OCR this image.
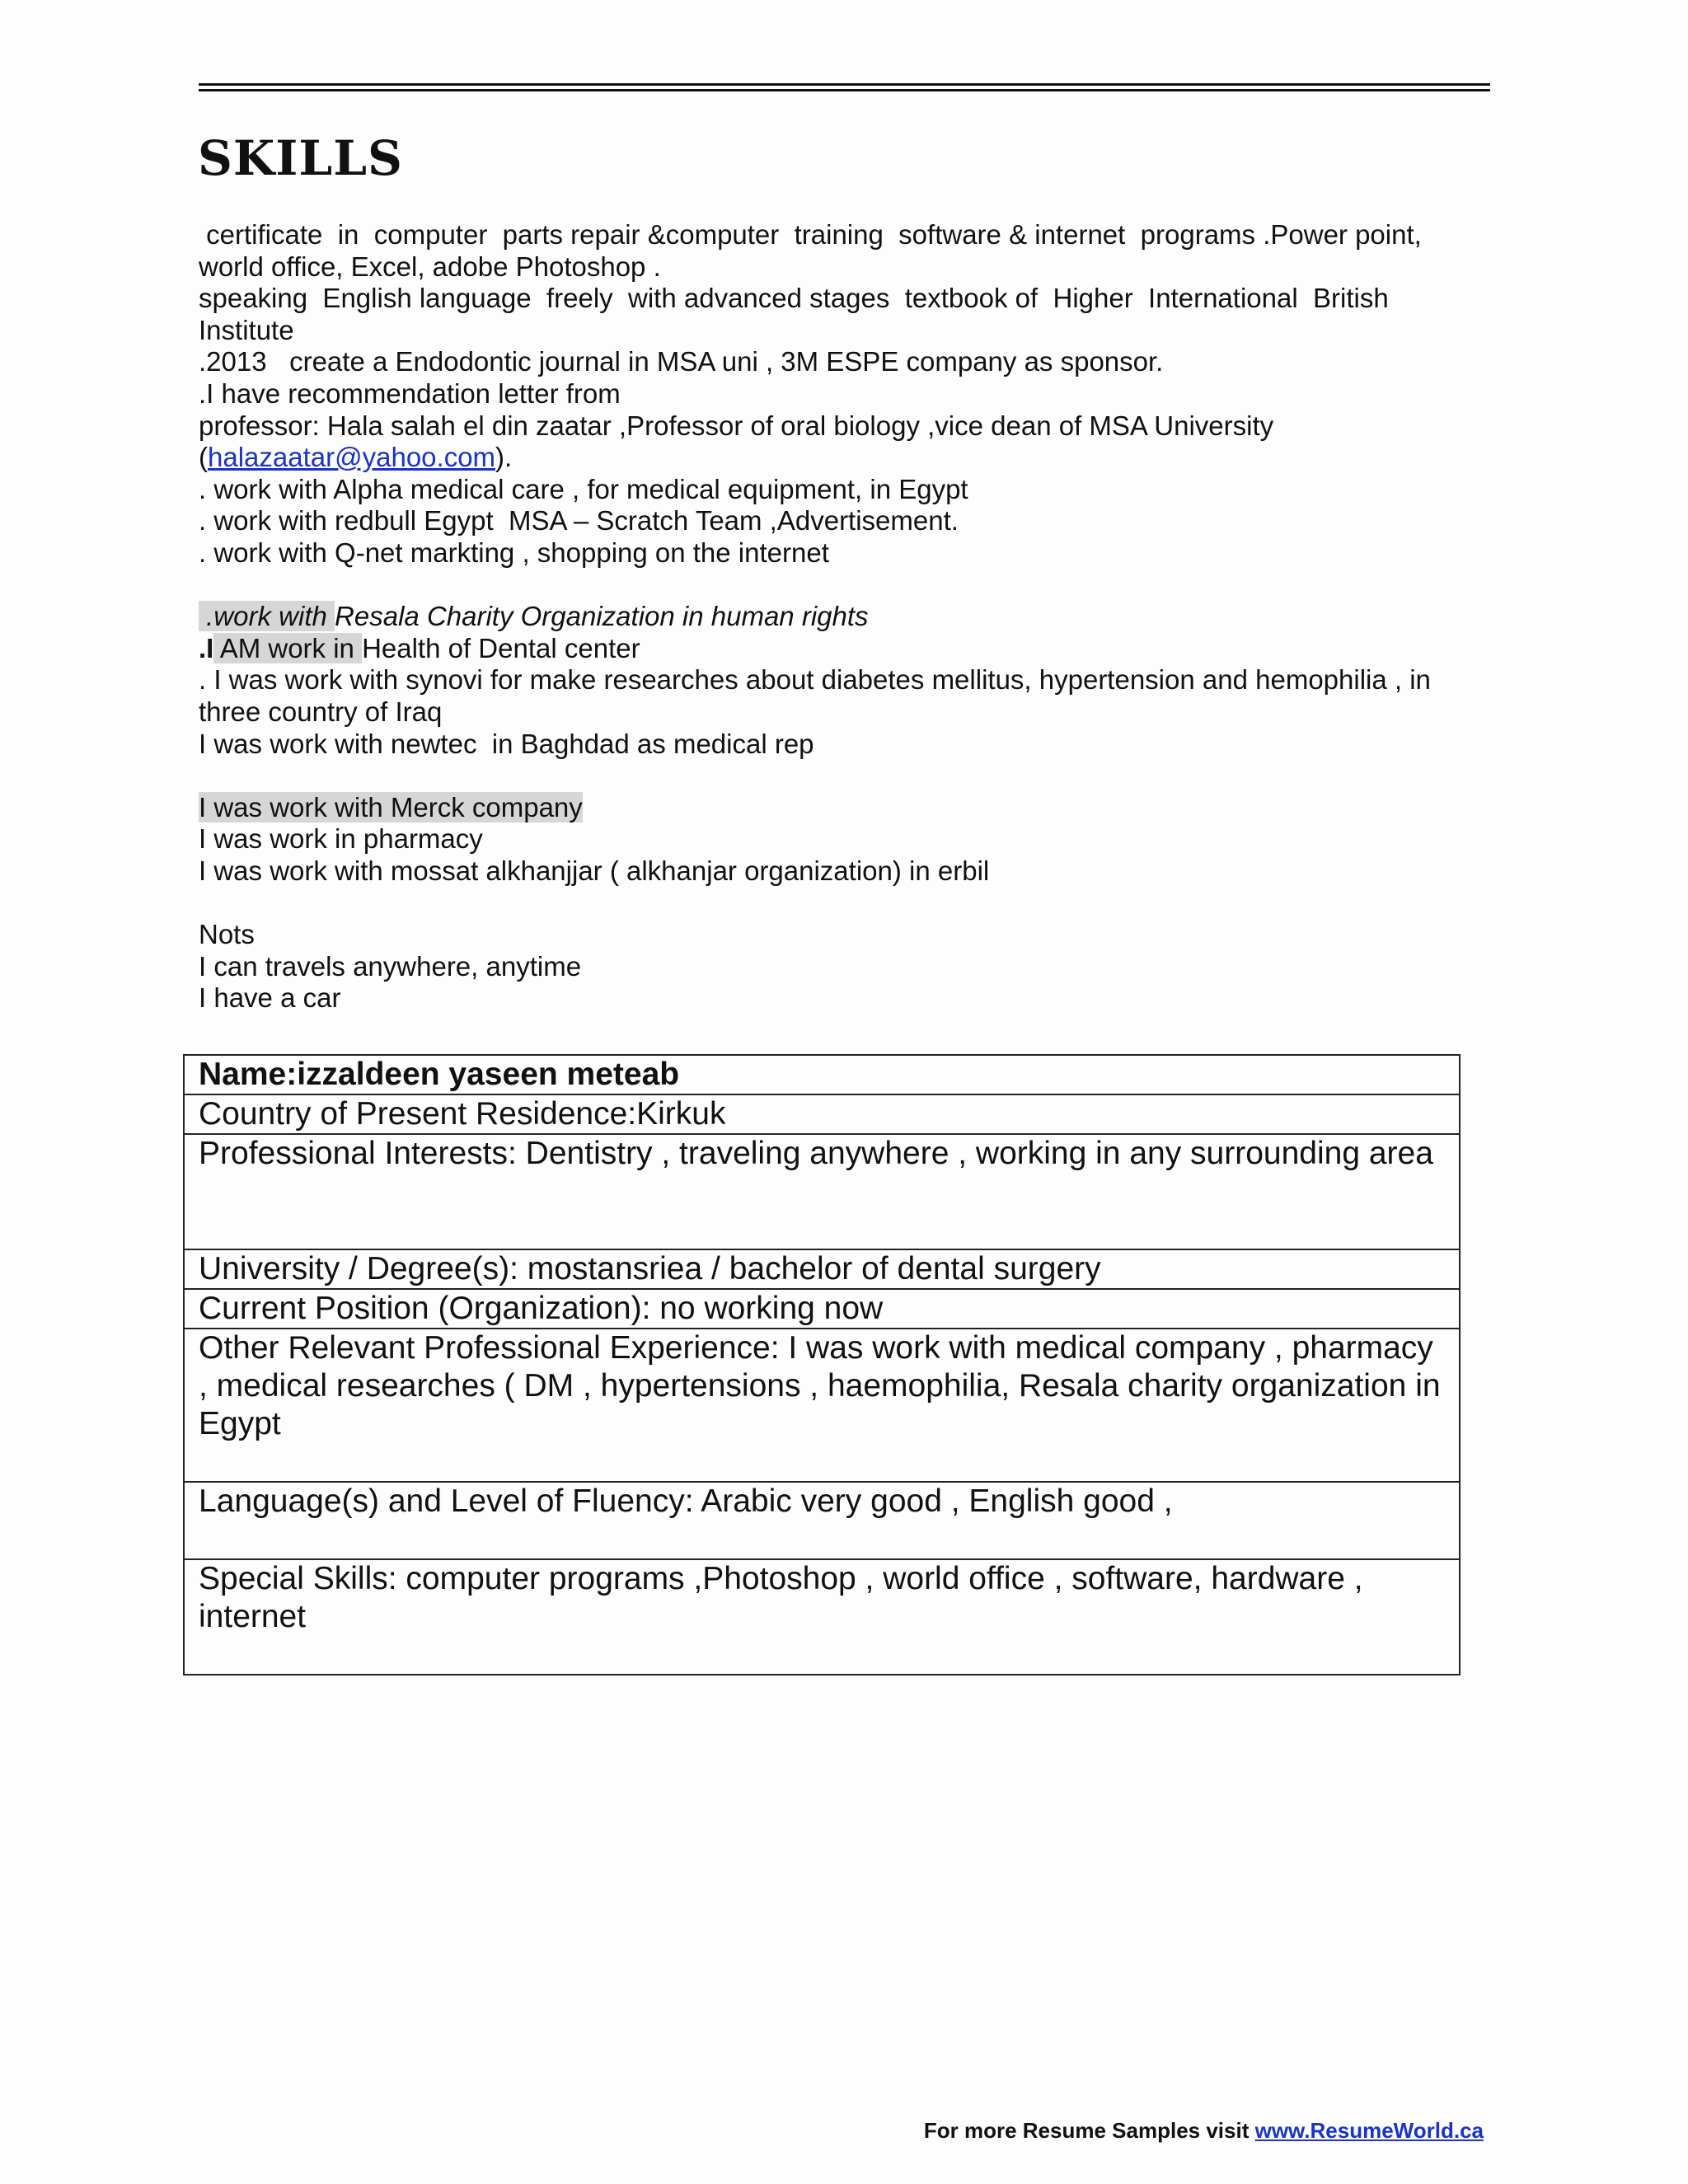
SKILLS
certificate  in  computer  parts repair &computer  training  software & internet  programs .Power point,
world office, Excel, adobe Photoshop .
speaking  English language  freely  with advanced stages  textbook of  Higher  International  British
Institute
.2013   create a Endodontic journal in MSA uni , 3M ESPE company as sponsor.
.I have recommendation letter from
professor: Hala salah el din zaatar ,Professor of oral biology ,vice dean of MSA University
(halazaatar@yahoo.com).
. work with Alpha medical care , for medical equipment, in Egypt
. work with redbull Egypt  MSA – Scratch Team ,Advertisement.
. work with Q-net markting , shopping on the internet
.work with Resala Charity Organization in human rights
.I AM work in Health of Dental center
. I was work with synovi for make researches about diabetes mellitus, hypertension and hemophilia , in
three country of Iraq
I was work with newtec  in Baghdad as medical rep
I was work with Merck company
I was work in pharmacy
I was work with mossat alkhanjjar ( alkhanjar organization) in erbil
Nots
I can travels anywhere, anytime
I have a car
Name:izzaldeen yaseen meteab
Country of Present Residence:Kirkuk
Professional Interests: Dentistry , traveling anywhere , working in any surrounding area
University / Degree(s): mostansriea / bachelor of dental surgery
Current Position (Organization): no working now
Other Relevant Professional Experience: I was work with medical company , pharmacy , medical researches ( DM , hypertensions , haemophilia, Resala charity organization in Egypt
Language(s) and Level of Fluency: Arabic very good , English good ,
Special Skills: computer programs ,Photoshop , world office , software, hardware , internet
For more Resume Samples visit www.ResumeWorld.ca
